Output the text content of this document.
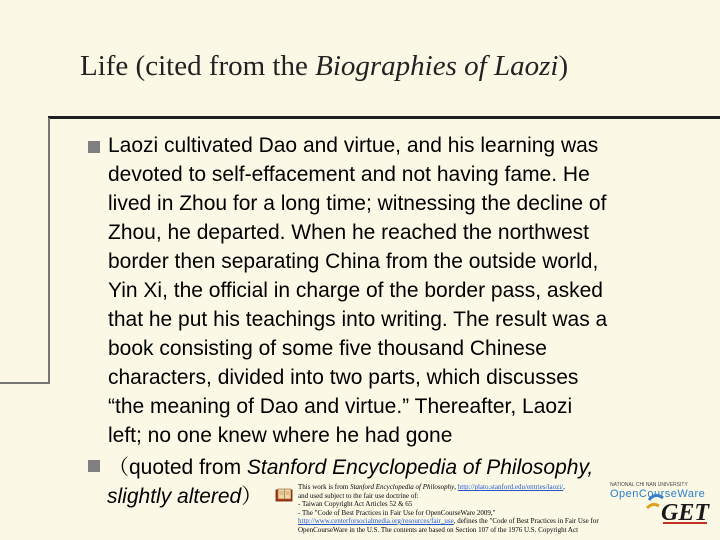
Life (cited from the Biographies of Laozi)
Laozi cultivated Dao and virtue, and his learning was
devoted to self-effacement and not having fame. He
lived in Zhou for a long time; witnessing the decline of
Zhou, he departed. When he reached the northwest
border then separating China from the outside world,
Yin Xi, the official in charge of the border pass, asked
that he put his teachings into writing. The result was a
book consisting of some five thousand Chinese
characters, divided into two parts, which discusses
“the meaning of Dao and virtue.” Thereafter, Laozi
left; no one knew where he had gone
（quoted from Stanford Encyclopedia of Philosophy,
slightly altered）	This work is from Stanford Encyclopedia of Philosophy, http://plato.stanford.edu/entries/laozi/,
and used subject to the fair use doctrine of:
- Taiwan Copyright Act Articles 52 & 65
- The "Code of Best Practices in Fair Use for OpenCourseWare 2009,"
http://www.centerforsocialmedia.org/resources/fair_use, defines the "Code of Best Practices in Fair Use for
OpenCourseWare in the U.S. The contents are based on Section 107 of the 1976 U.S. Copyright Act
NATIONAL CHI NAN UNIVERSITY
OpenCourseWare
GET
